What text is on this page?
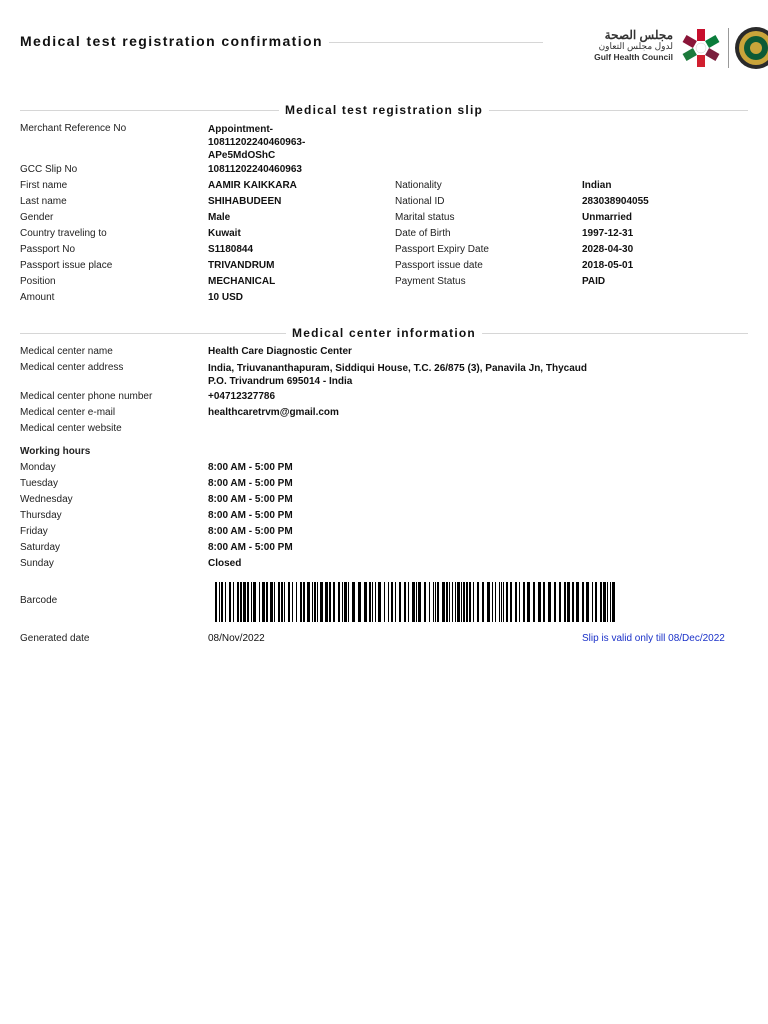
Medical test registration confirmation	مجلس الصحة
لدول مجلس التعاون
Gulf Health Council
Medical test registration slip
Merchant Reference No	Appointment-10811202240460963-APe5MdOShC
GCC Slip No	10811202240460963
First name	AAMIR KAIKKARA	Nationality	Indian
Last name	SHIHABUDEEN	National ID	283038904055
Gender	Male	Marital status	Unmarried
Country traveling to	Kuwait	Date of Birth	1997-12-31
Passport No	S1180844	Passport Expiry Date	2028-04-30
Passport issue place	TRIVANDRUM	Passport issue date	2018-05-01
Position	MECHANICAL	Payment Status	PAID
Amount	10 USD
Medical center information
Medical center name	Health Care Diagnostic Center
Medical center address	India, Triuvananthapuram, Siddiqui House, T.C. 26/875 (3), Panavila Jn, Thycaud P.O. Trivandrum 695014 - India
Medical center phone number	+04712327786
Medical center e-mail	healthcaretrvm@gmail.com
Medical center website
Working hours
Monday	8:00 AM - 5:00 PM
Tuesday	8:00 AM - 5:00 PM
Wednesday	8:00 AM - 5:00 PM
Thursday	8:00 AM - 5:00 PM
Friday	8:00 AM - 5:00 PM
Saturday	8:00 AM - 5:00 PM
Sunday	Closed
Barcode
Generated date	08/Nov/2022	Slip is valid only till 08/Dec/2022
